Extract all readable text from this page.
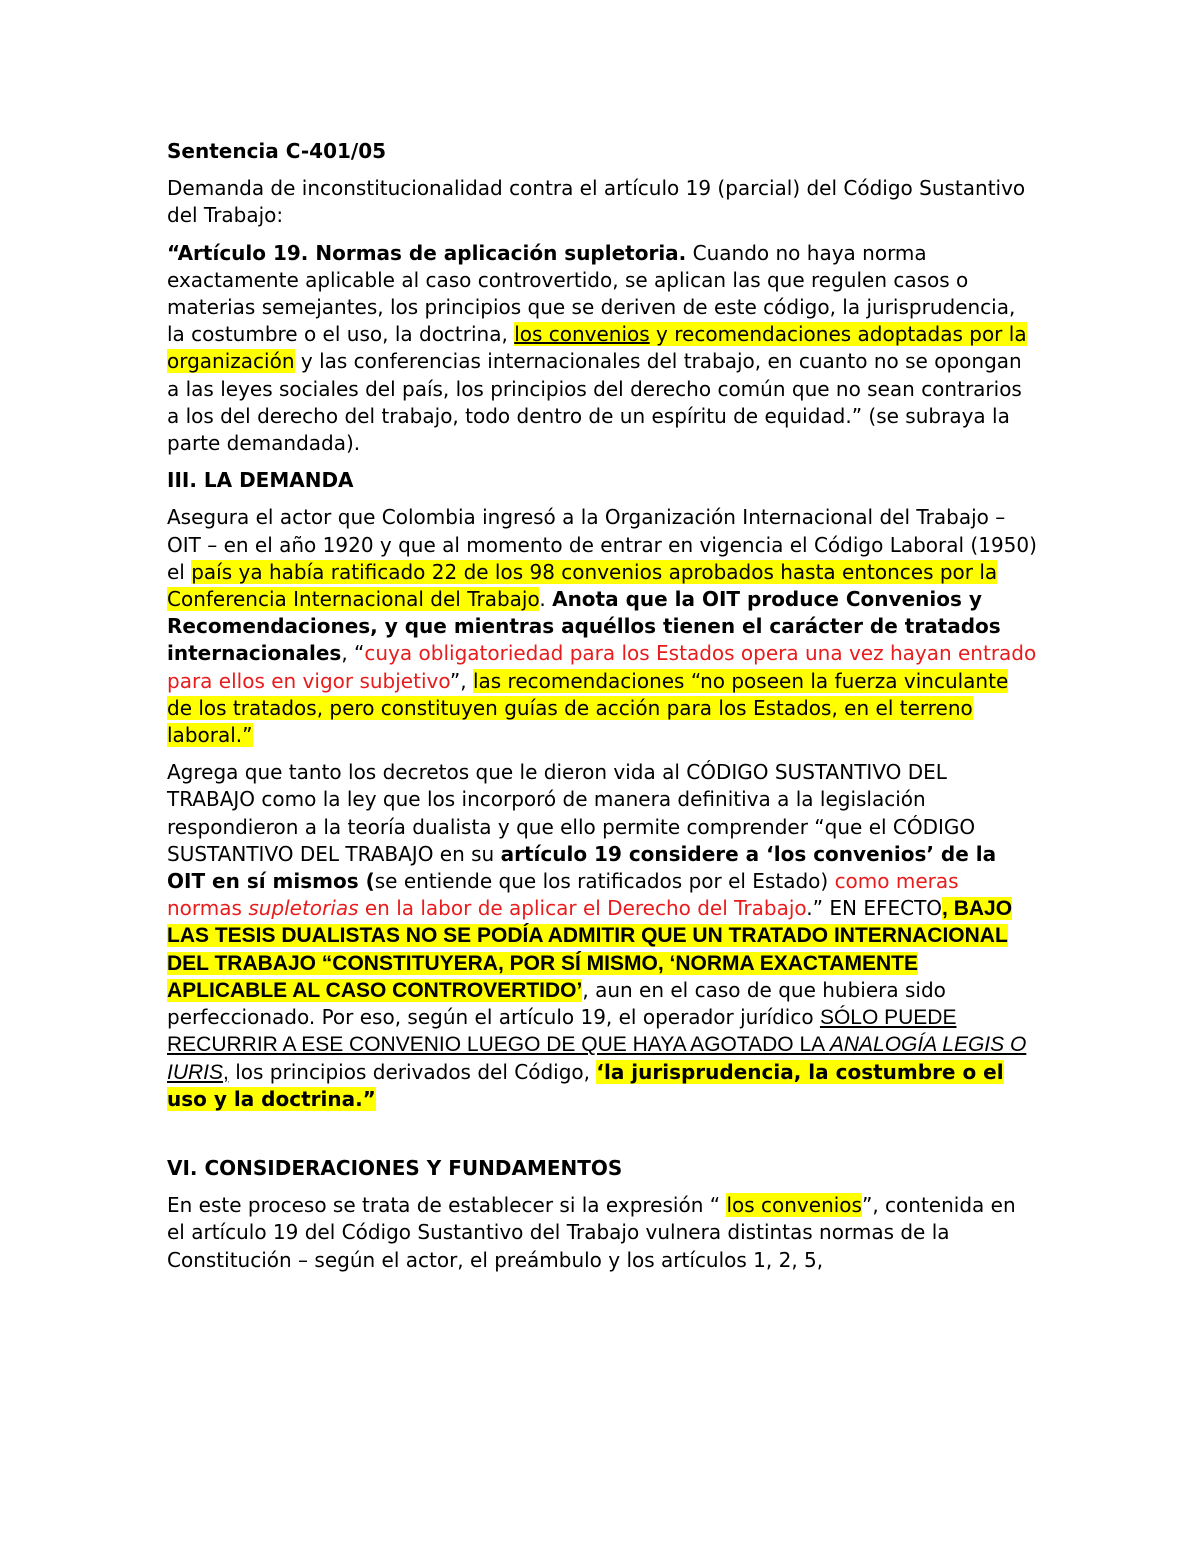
Sentencia C-401/05

Demanda de inconstitucionalidad contra el artículo 19 (parcial) del Código Sustantivo del Trabajo:

“Artículo 19. Normas de aplicación supletoria. Cuando no haya norma exactamente aplicable al caso controvertido, se aplican las que regulen casos o materias semejantes, los principios que se deriven de este código, la jurisprudencia, la costumbre o el uso, la doctrina, los convenios y recomendaciones adoptadas por la organización y las conferencias internacionales del trabajo, en cuanto no se opongan a las leyes sociales del país, los principios del derecho común que no sean contrarios a los del derecho del trabajo, todo dentro de un espíritu de equidad.” (se subraya la parte demandada).

III. LA DEMANDA

Asegura el actor que Colombia ingresó a la Organización Internacional del Trabajo – OIT – en el año 1920 y que al momento de entrar en vigencia el Código Laboral (1950) el país ya había ratificado 22 de los 98 convenios aprobados hasta entonces por la Conferencia Internacional del Trabajo. Anota que la OIT produce Convenios y Recomendaciones, y que mientras aquéllos tienen el carácter de tratados internacionales, “cuya obligatoriedad para los Estados opera una vez hayan entrado para ellos en vigor subjetivo”, las recomendaciones “no poseen la fuerza vinculante de los tratados, pero constituyen guías de acción para los Estados, en el terreno laboral.”

Agrega que tanto los decretos que le dieron vida al CÓDIGO SUSTANTIVO DEL TRABAJO como la ley que los incorporó de manera definitiva a la legislación respondieron a la teoría dualista y que ello permite comprender “que el CÓDIGO SUSTANTIVO DEL TRABAJO en su artículo 19 considere a ‘los convenios’ de la OIT en sí mismos (se entiende que los ratificados por el Estado) como meras normas supletorias en la labor de aplicar el Derecho del Trabajo.” EN EFECTO, BAJO LAS TESIS DUALISTAS NO SE PODÍA ADMITIR QUE UN TRATADO INTERNACIONAL DEL TRABAJO “CONSTITUYERA, POR SÍ MISMO, ‘NORMA EXACTAMENTE APLICABLE AL CASO CONTROVERTIDO’, aun en el caso de que hubiera sido perfeccionado. Por eso, según el artículo 19, el operador jurídico SÓLO PUEDE RECURRIR A ESE CONVENIO LUEGO DE QUE HAYA AGOTADO LA ANALOGÍA LEGIS O IURIS, los principios derivados del Código, ‘la jurisprudencia, la costumbre o el uso y la doctrina.”

VI. CONSIDERACIONES Y FUNDAMENTOS

En este proceso se trata de establecer si la expresión “ los convenios”, contenida en el artículo 19 del Código Sustantivo del Trabajo vulnera distintas normas de la Constitución – según el actor, el preámbulo y los artículos 1, 2, 5,
